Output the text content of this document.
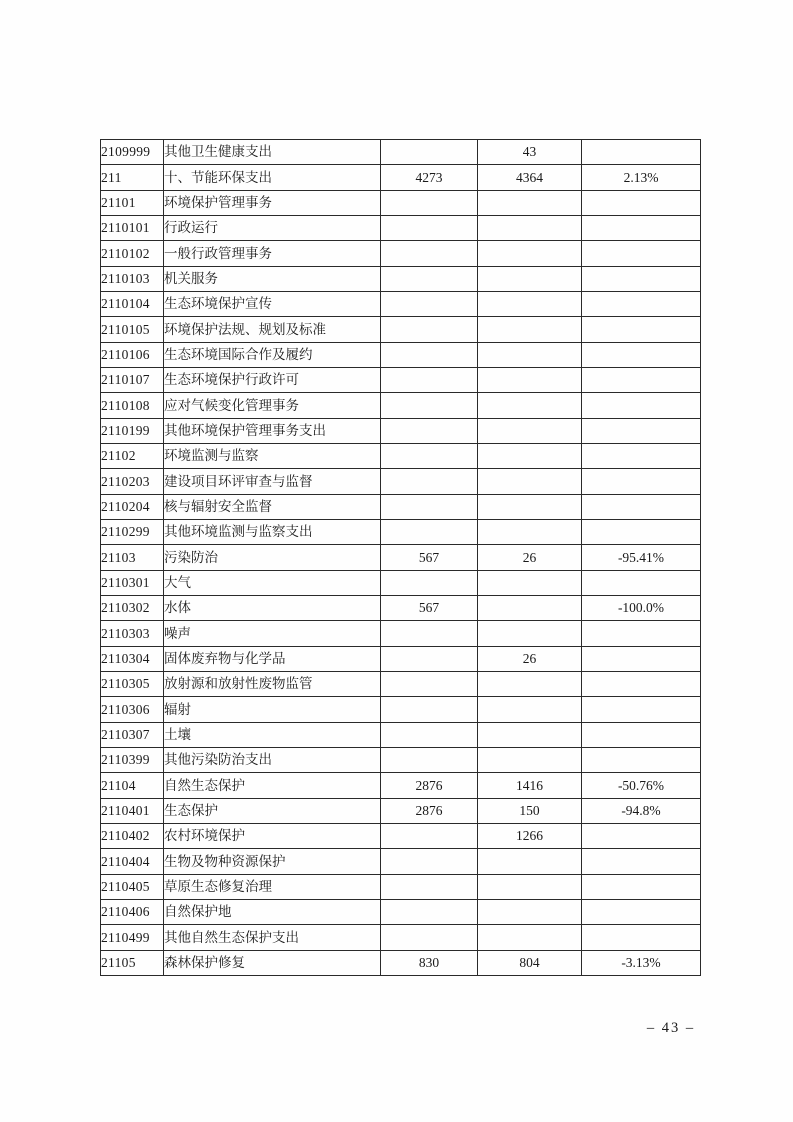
2109999	其他卫生健康支出		43	
211	十、节能环保支出	4273	4364	2.13%
21101	环境保护管理事务			
2110101	行政运行			
2110102	一般行政管理事务			
2110103	机关服务			
2110104	生态环境保护宣传			
2110105	环境保护法规、规划及标准			
2110106	生态环境国际合作及履约			
2110107	生态环境保护行政许可			
2110108	应对气候变化管理事务			
2110199	其他环境保护管理事务支出			
21102	环境监测与监察			
2110203	建设项目环评审查与监督			
2110204	核与辐射安全监督			
2110299	其他环境监测与监察支出			
21103	污染防治	567	26	-95.41%
2110301	大气			
2110302	水体	567		-100.0%
2110303	噪声			
2110304	固体废弃物与化学品		26	
2110305	放射源和放射性废物监管			
2110306	辐射			
2110307	土壤			
2110399	其他污染防治支出			
21104	自然生态保护	2876	1416	-50.76%
2110401	生态保护	2876	150	-94.8%
2110402	农村环境保护		1266	
2110404	生物及物种资源保护			
2110405	草原生态修复治理			
2110406	自然保护地			
2110499	其他自然生态保护支出			
21105	森林保护修复	830	804	-3.13%
– 43 –
